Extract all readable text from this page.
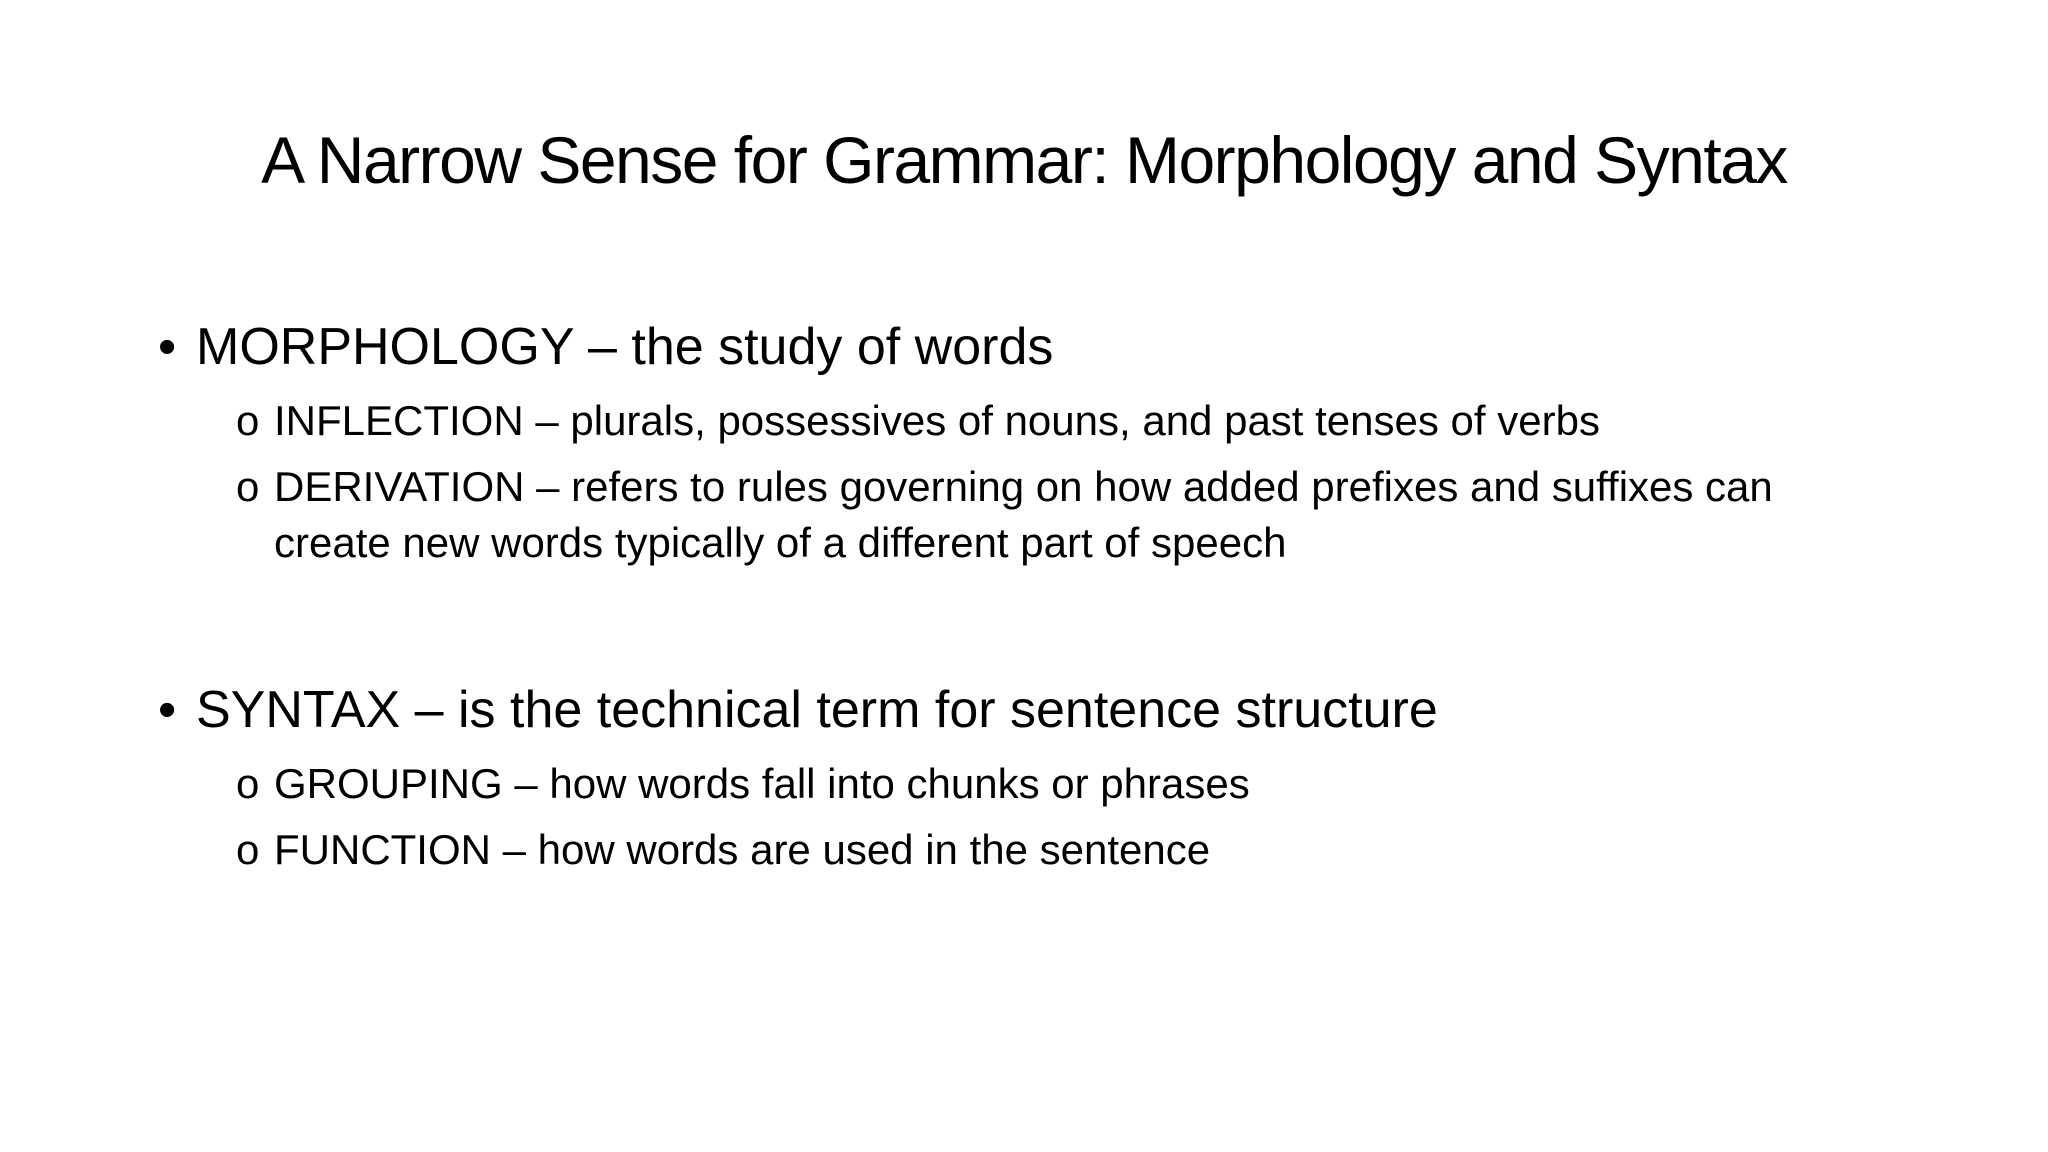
A Narrow Sense for Grammar: Morphology and Syntax
• MORPHOLOGY – the study of words
o INFLECTION – plurals, possessives of nouns, and past tenses of verbs
o DERIVATION – refers to rules governing on how added prefixes and suffixes can create new words typically of a different part of speech
• SYNTAX – is the technical term for sentence structure
o GROUPING – how words fall into chunks or phrases
o FUNCTION – how words are used in the sentence
